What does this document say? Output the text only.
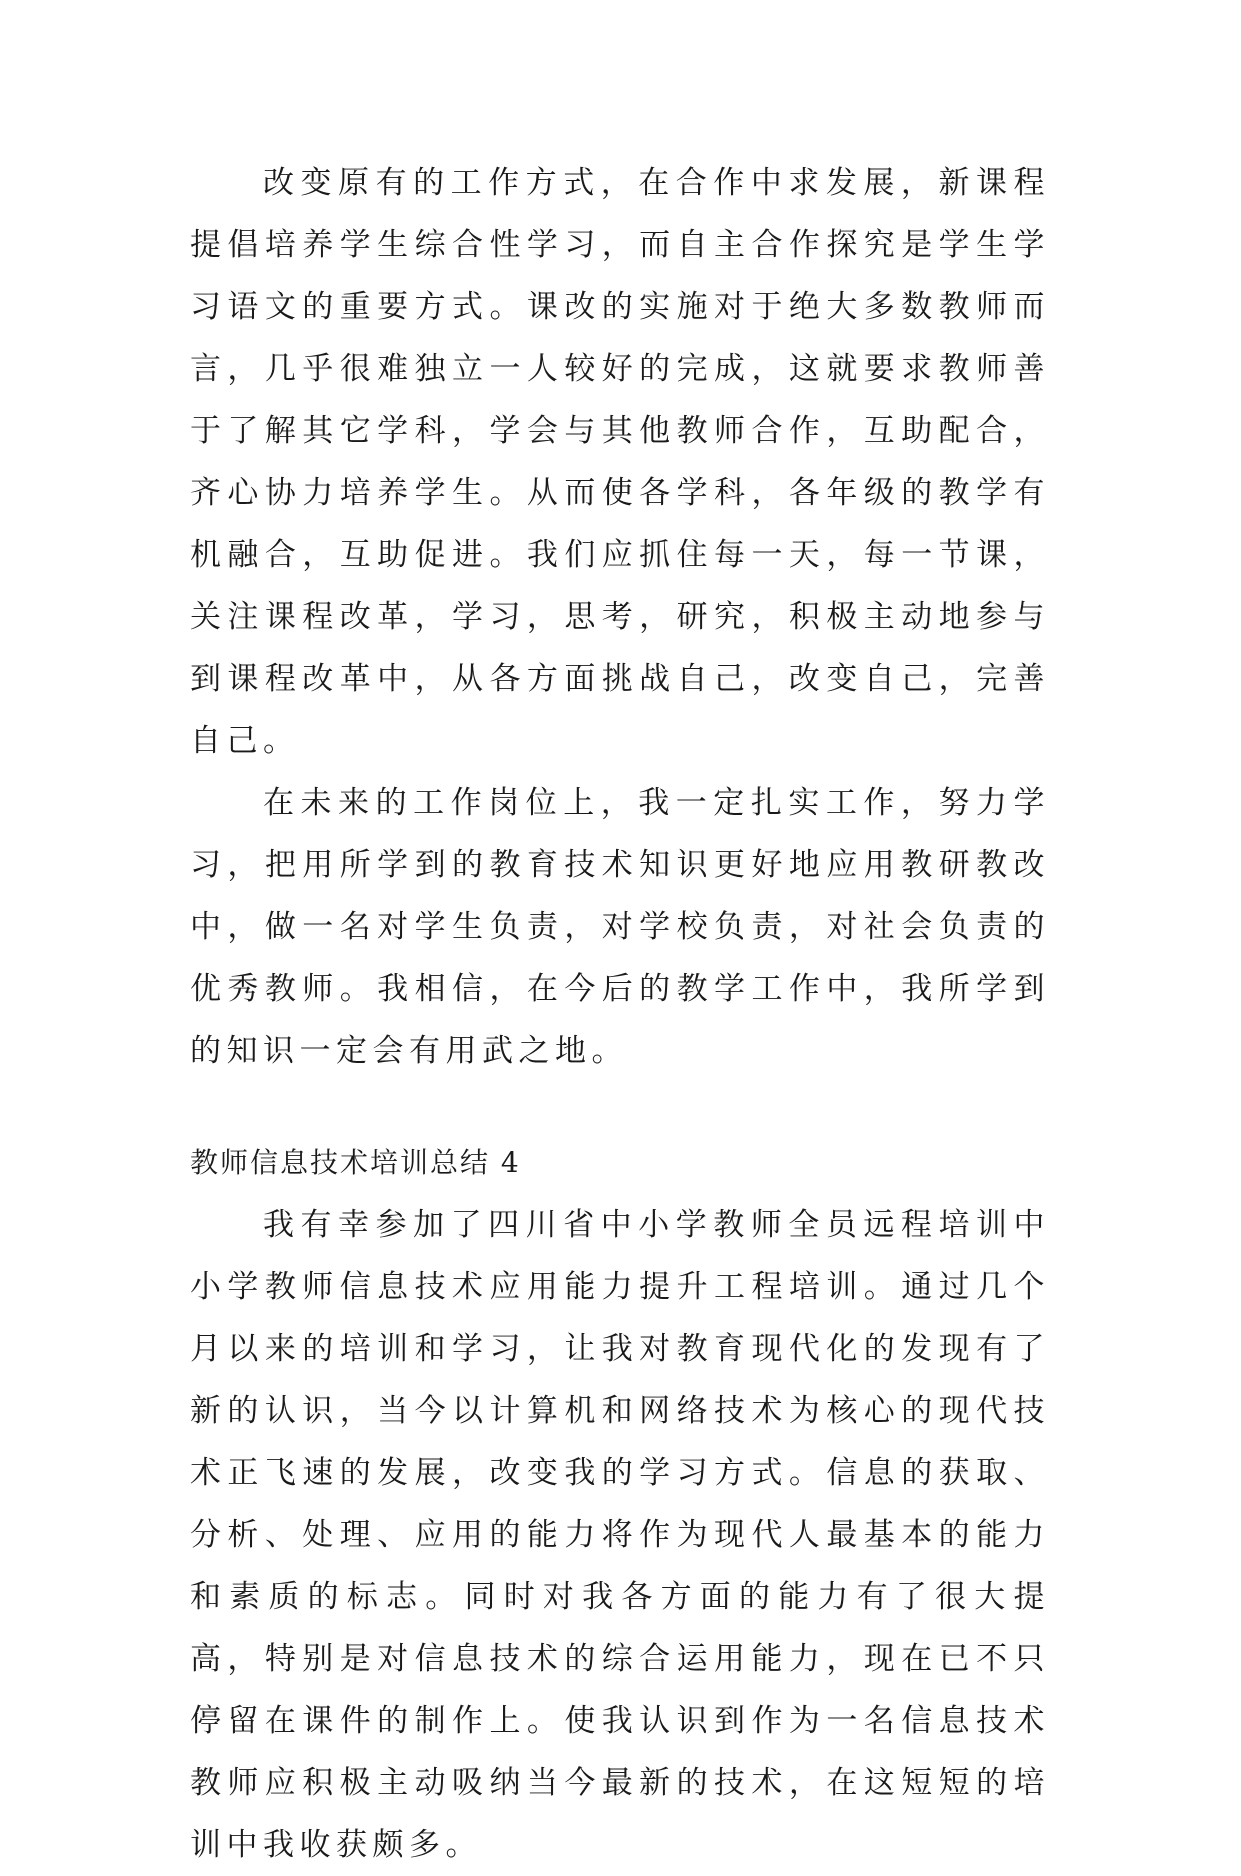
改变原有的工作方式，在合作中求发展，新课程提倡培养学生综合性学习，而自主合作探究是学生学习语文的重要方式。课改的实施对于绝大多数教师而言，几乎很难独立一人较好的完成，这就要求教师善于了解其它学科，学会与其他教师合作，互助配合，齐心协力培养学生。从而使各学科，各年级的教学有机融合，互助促进。我们应抓住每一天，每一节课，关注课程改革，学习，思考，研究，积极主动地参与到课程改革中，从各方面挑战自己，改变自己，完善自己。

在未来的工作岗位上，我一定扎实工作，努力学习，把用所学到的教育技术知识更好地应用教研教改中，做一名对学生负责，对学校负责，对社会负责的优秀教师。我相信，在今后的教学工作中，我所学到的知识一定会有用武之地。

教师信息技术培训总结 4

我有幸参加了四川省中小学教师全员远程培训中小学教师信息技术应用能力提升工程培训。通过几个月以来的培训和学习，让我对教育现代化的发现有了新的认识，当今以计算机和网络技术为核心的现代技术正飞速的发展，改变我的学习方式。信息的获取、分析、处理、应用的能力将作为现代人最基本的能力和素质的标志。同时对我各方面的能力有了很大提高，特别是对信息技术的综合运用能力，现在已不只停留在课件的制作上。使我认识到作为一名信息技术教师应积极主动吸纳当今最新的技术，在这短短的培训中我收获颇多。
